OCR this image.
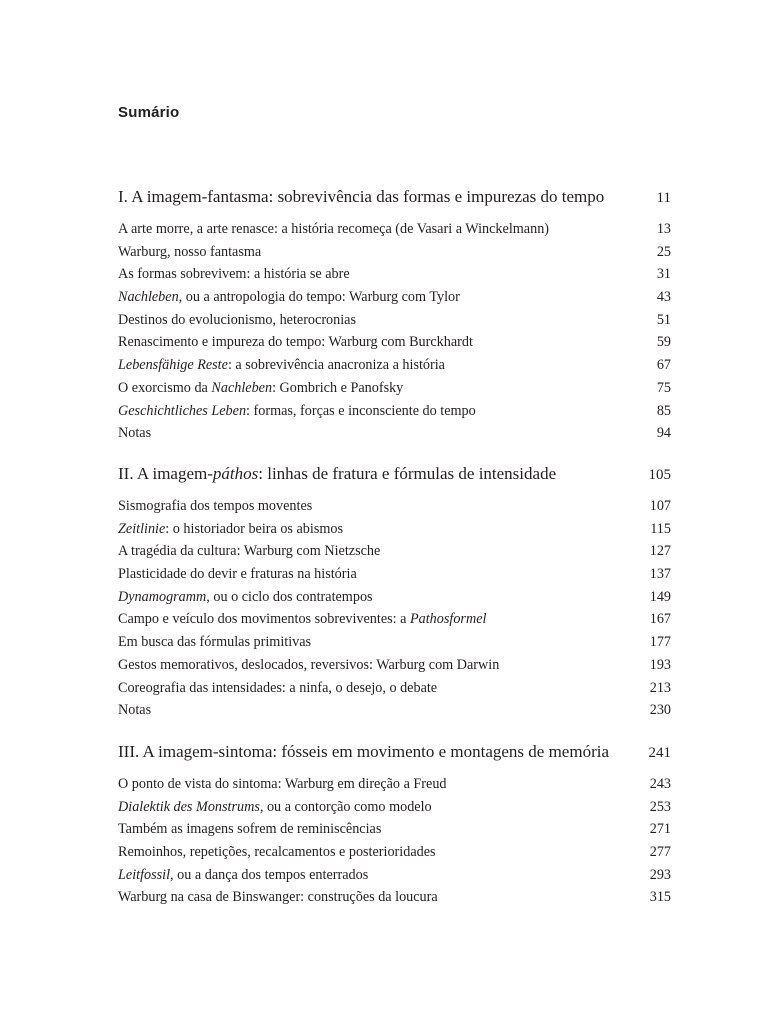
Sumário
I. A imagem-fantasma: sobrevivência das formas e impurezas do tempo	11
A arte morre, a arte renasce: a história recomeça (de Vasari a Winckelmann)	13
Warburg, nosso fantasma	25
As formas sobrevivem: a história se abre	31
Nachleben, ou a antropologia do tempo: Warburg com Tylor	43
Destinos do evolucionismo, heterocronias	51
Renascimento e impureza do tempo: Warburg com Burckhardt	59
Lebensfähige Reste: a sobrevivência anacroniza a história	67
O exorcismo da Nachleben: Gombrich e Panofsky	75
Geschichtliches Leben: formas, forças e inconsciente do tempo	85
Notas	94
II. A imagem-páthos: linhas de fratura e fórmulas de intensidade	105
Sismografia dos tempos moventes	107
Zeitlinie: o historiador beira os abismos	115
A tragédia da cultura: Warburg com Nietzsche	127
Plasticidade do devir e fraturas na história	137
Dynamogramm, ou o ciclo dos contratempos	149
Campo e veículo dos movimentos sobreviventes: a Pathosformel	167
Em busca das fórmulas primitivas	177
Gestos memorativos, deslocados, reversivos: Warburg com Darwin	193
Coreografia das intensidades: a ninfa, o desejo, o debate	213
Notas	230
III. A imagem-sintoma: fósseis em movimento e montagens de memória	241
O ponto de vista do sintoma: Warburg em direção a Freud	243
Dialektik des Monstrums, ou a contorção como modelo	253
Também as imagens sofrem de reminiscências	271
Remoinhos, repetições, recalcamentos e posterioridades	277
Leitfossil, ou a dança dos tempos enterrados	293
Warburg na casa de Binswanger: construções da loucura	315
